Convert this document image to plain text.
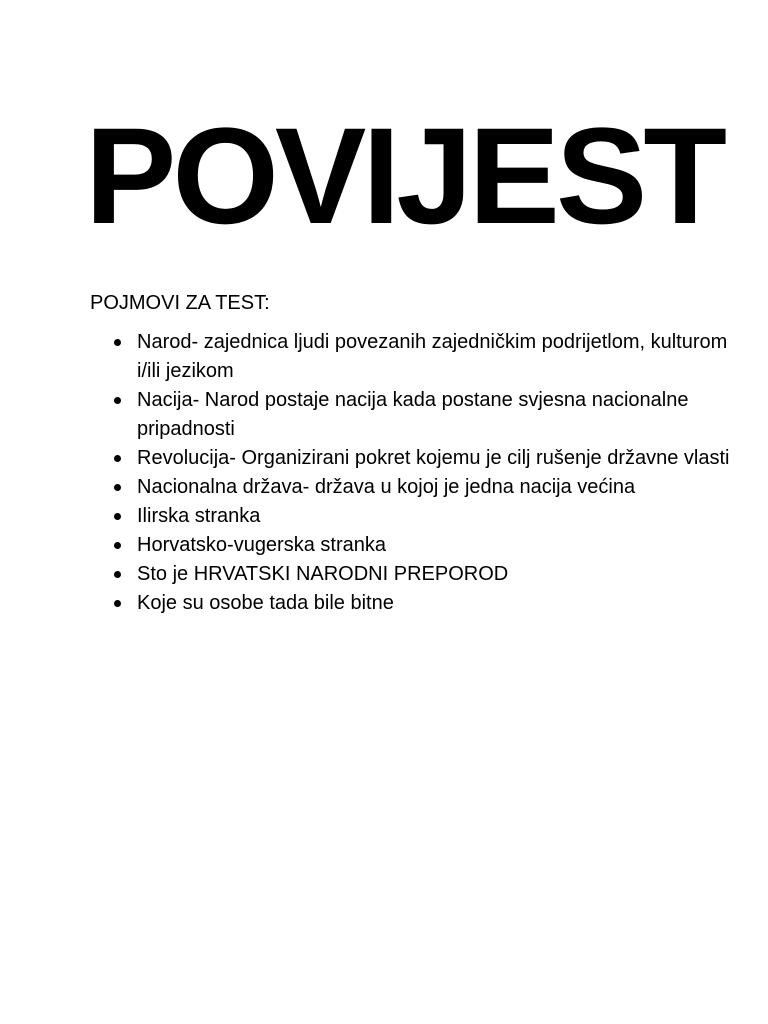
POVIJEST

POJMOVI ZA TEST:

Narod- zajednica ljudi povezanih zajedničkim podrijetlom, kulturom i/ili jezikom
Nacija- Narod postaje nacija kada postane svjesna nacionalne pripadnosti
Revolucija- Organizirani pokret kojemu je cilj rušenje državne vlasti
Nacionalna država- država u kojoj je jedna nacija većina
Ilirska stranka
Horvatsko-vugerska stranka
Sto je HRVATSKI NARODNI PREPOROD
Koje su osobe tada bile bitne
